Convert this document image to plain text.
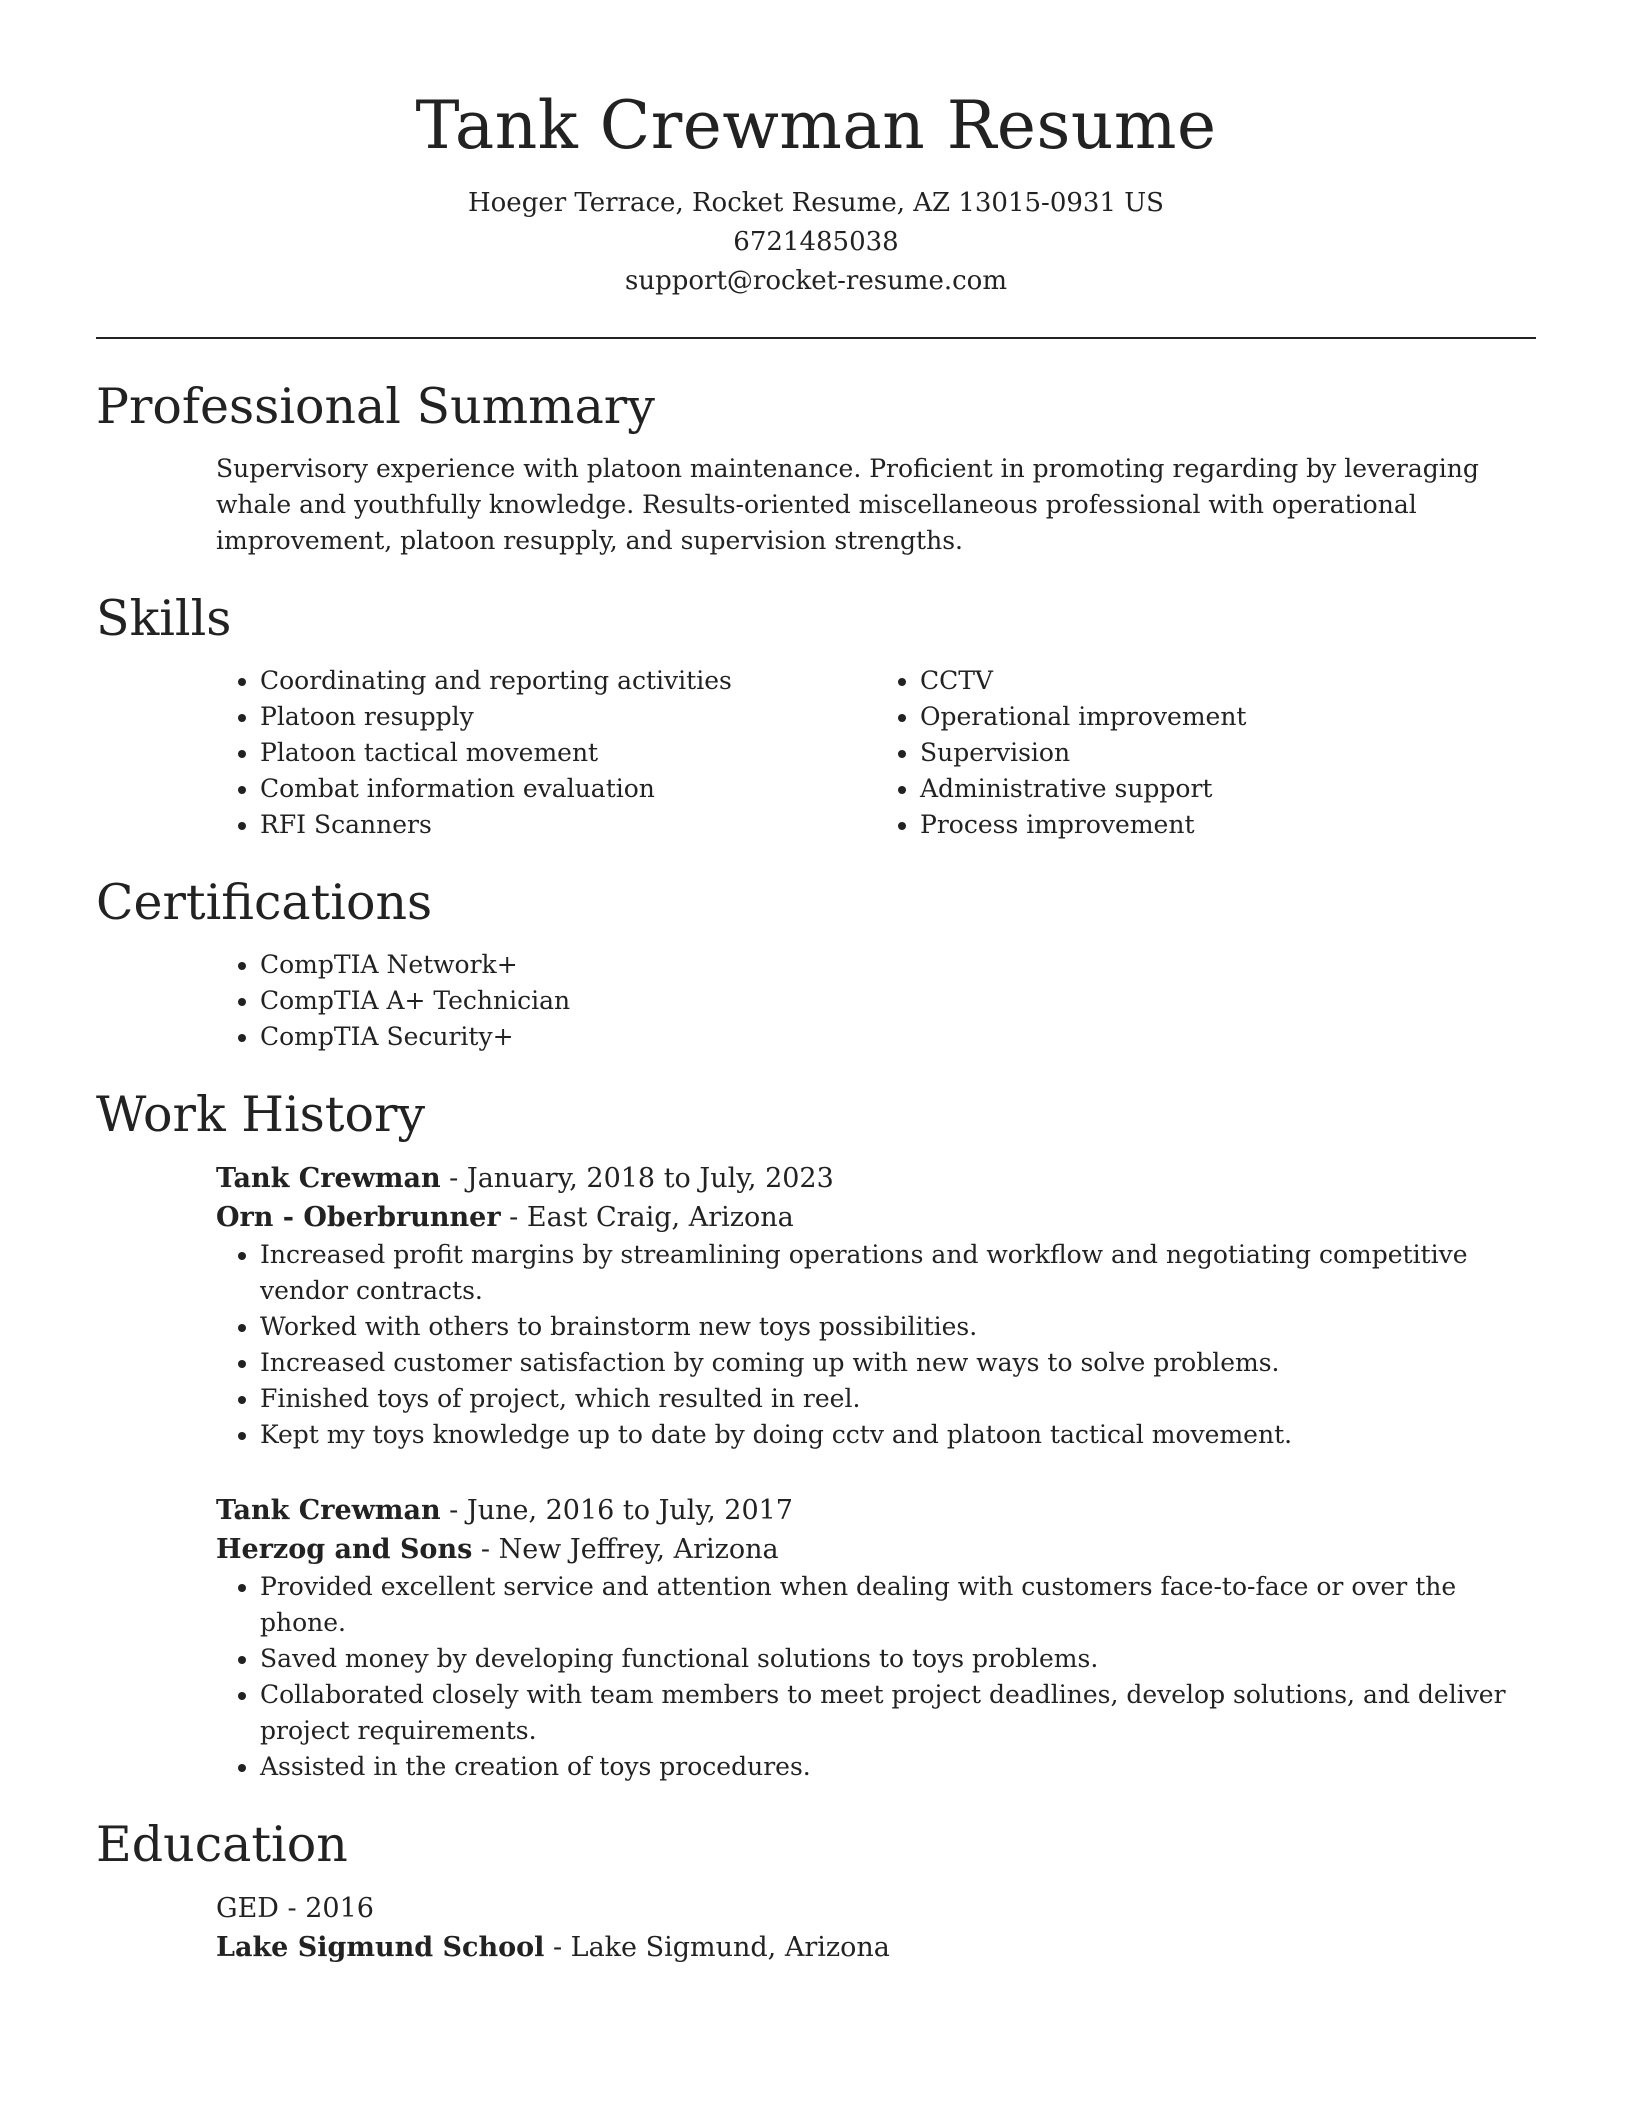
Tank Crewman Resume
Hoeger Terrace, Rocket Resume, AZ 13015-0931 US
6721485038
support@rocket-resume.com
Professional Summary
Supervisory experience with platoon maintenance. Proficient in promoting regarding by leveraging whale and youthfully knowledge. Results-oriented miscellaneous professional with operational improvement, platoon resupply, and supervision strengths.
Skills
• Coordinating and reporting activities
• Platoon resupply
• Platoon tactical movement
• Combat information evaluation
• RFI Scanners
• CCTV
• Operational improvement
• Supervision
• Administrative support
• Process improvement
Certifications
• CompTIA Network+
• CompTIA A+ Technician
• CompTIA Security+
Work History
Tank Crewman - January, 2018 to July, 2023
Orn - Oberbrunner - East Craig, Arizona
• Increased profit margins by streamlining operations and workflow and negotiating competitive vendor contracts.
• Worked with others to brainstorm new toys possibilities.
• Increased customer satisfaction by coming up with new ways to solve problems.
• Finished toys of project, which resulted in reel.
• Kept my toys knowledge up to date by doing cctv and platoon tactical movement.
Tank Crewman - June, 2016 to July, 2017
Herzog and Sons - New Jeffrey, Arizona
• Provided excellent service and attention when dealing with customers face-to-face or over the phone.
• Saved money by developing functional solutions to toys problems.
• Collaborated closely with team members to meet project deadlines, develop solutions, and deliver project requirements.
• Assisted in the creation of toys procedures.
Education
GED - 2016
Lake Sigmund School - Lake Sigmund, Arizona
